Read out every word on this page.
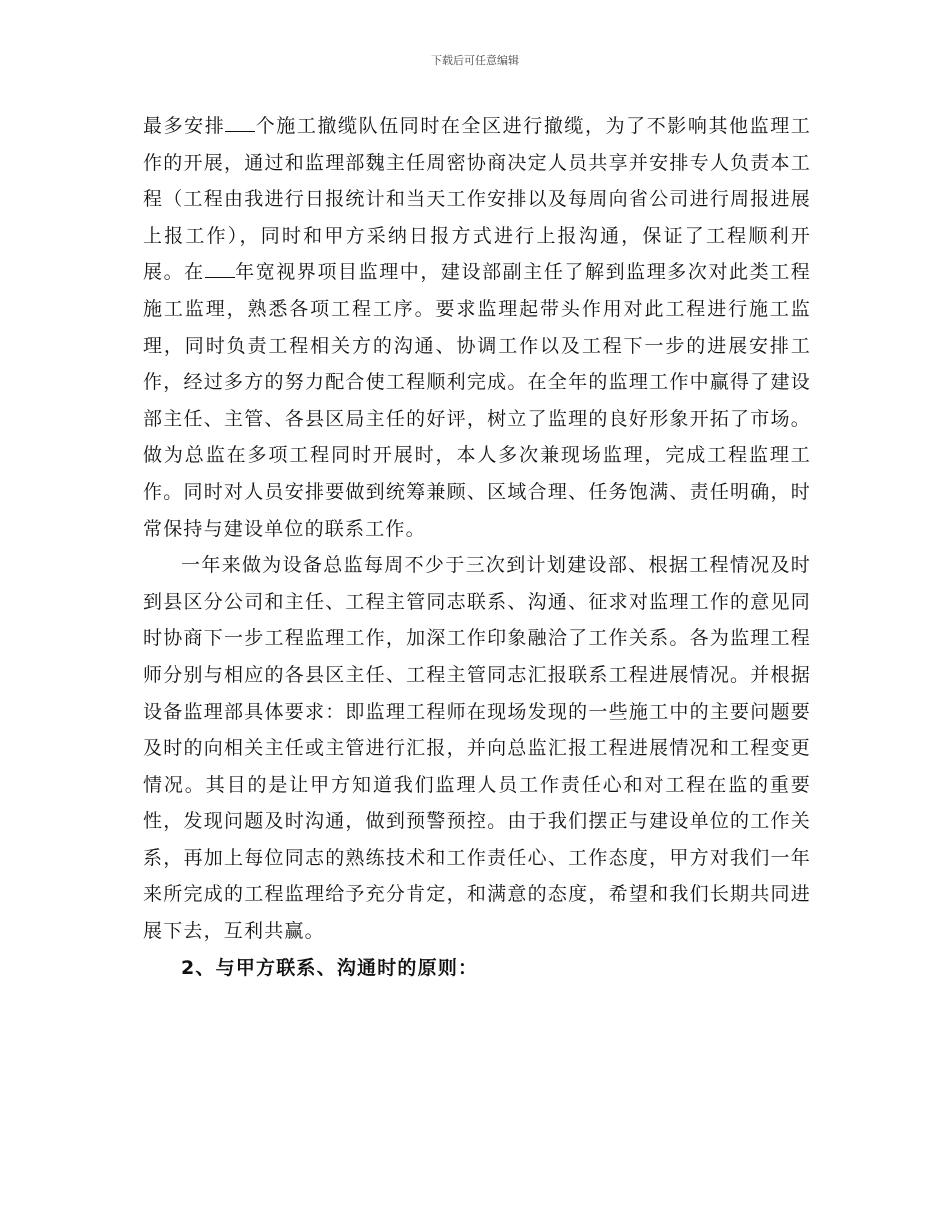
下载后可任意编辑

最多安排 个施工撤缆队伍同时在全区进行撤缆，为了不影响其他监理工作的开展，通过和监理部魏主任周密协商决定人员共享并安排专人负责本工程（工程由我进行日报统计和当天工作安排以及每周向省公司进行周报进展上报工作），同时和甲方采纳日报方式进行上报沟通，保证了工程顺利开展。在 年宽视界项目监理中，建设部副主任了解到监理多次对此类工程施工监理，熟悉各项工程工序。要求监理起带头作用对此工程进行施工监理，同时负责工程相关方的沟通、协调工作以及工程下一步的进展安排工作，经过多方的努力配合使工程顺利完成。在全年的监理工作中赢得了建设部主任、主管、各县区局主任的好评，树立了监理的良好形象开拓了市场。做为总监在多项工程同时开展时，本人多次兼现场监理，完成工程监理工作。同时对人员安排要做到统筹兼顾、区域合理、任务饱满、责任明确，时常保持与建设单位的联系工作。

一年来做为设备总监每周不少于三次到计划建设部、根据工程情况及时到县区分公司和主任、工程主管同志联系、沟通、征求对监理工作的意见同时协商下一步工程监理工作，加深工作印象融洽了工作关系。各为监理工程师分别与相应的各县区主任、工程主管同志汇报联系工程进展情况。并根据设备监理部具体要求：即监理工程师在现场发现的一些施工中的主要问题要及时的向相关主任或主管进行汇报，并向总监汇报工程进展情况和工程变更情况。其目的是让甲方知道我们监理人员工作责任心和对工程在监的重要性，发现问题及时沟通，做到预警预控。由于我们摆正与建设单位的工作关系，再加上每位同志的熟练技术和工作责任心、工作态度，甲方对我们一年来所完成的工程监理给予充分肯定，和满意的态度，希望和我们长期共同进展下去，互利共赢。

2、与甲方联系、沟通时的原则：
